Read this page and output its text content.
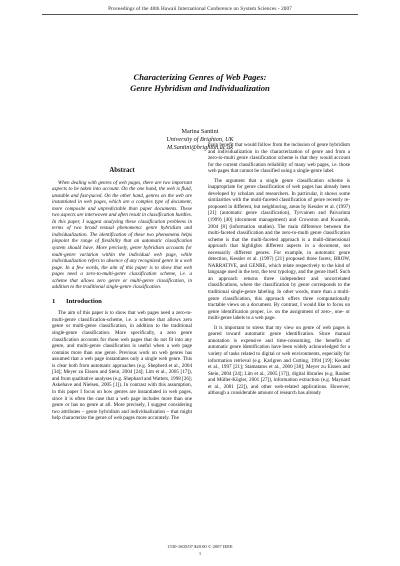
Proceedings of the 40th Hawaii International Conference on System Sciences - 2007
Characterizing Genres of Web Pages:
Genre Hybridism and Individualization
Marina Santini
University of Brighton, UK
M.Santini@brighton.ac.uk
Abstract

When dealing with genres of web pages, there are two important aspects to be taken into account. On the one hand, the web is fluid, unstable and fast-paced. On the other hand, genres on the web are instantiated in web pages, which are a complex type of document, more composite and unpredictable than paper documents. These two aspects are interwoven and often result in classification hurdles. In this paper, I suggest analyzing these classification problems in terms of two broad textual phenomena: genre hybridism and individualization. The identification of these two phenomena helps pinpoint the range of flexibility that an automatic classification system should have. More precisely, genre hybridism accounts for multi-genre variation within the individual web page, while individualization refers to absence of any recognized genre in a web page. In a few words, the aim of this paper is to show that web pages need a zero-to-multi-genre classification scheme, i.e. a scheme that allows zero genre or multi-genre classification, in addition to the traditional single-genre classification.

1 Introduction

The aim of this paper is to show that web pages need a zero-to-multi-genre classification-scheme, i.e. a scheme that allows zero genre or multi-genre classification, in addition to the traditional single-genre classification. More specifically, a zero genre classification accounts for those web pages that do not fit into any genre, and multi-genre classification is useful when a web page contains more than one genre. Previous work on web genres has assumed that a web page instantiates only a single web genre. This is clear both from automatic approaches (e.g. Shepherd et al., 2004 [34]; Meyer zu Eissen and Stein, 2004 [24]; Lim et al., 2005 [17]), and from qualitative analyses (e.g. Shephard and Watters, 1998 [36]; Askehave and Nielsen, 2005 [1]). In contrast with this assumption, in this paper I focus on how genres are instantiated in web pages, since it is often the case that a web page includes more than one genre or has no genre at all. More precisely, I suggest considering two attributes – genre hybridism and individualization – that might help characterize the genre of web pages more accurately. The

main benefit that would follow from the inclusion of genre hybridism and individualization in the characterization of genre and from a zero-to-multi genre classification scheme is that they would account for the current classification reliability of many web pages, i.e. those web pages that cannot be classified using a single-genre label.

The argument that a single genre classification scheme is inappropriate for genre classification of web pages has already been developed by scholars and researchers. In particular, it shows some similarities with the multi-faceted classification of genre recently re-proposed in different, but neighboring, areas by Kessler et al. (1997) [21] (automatic genre classification), Tyrvainen and Paivarinta (1999) [40] (document management) and Crowston and Kwasnik, 2004 [8] (information studies). The main difference between the multi-faceted classification and the zero-to-multi genre classification scheme is that the multi-faceted approach is a multi-dimensional approach that highlights different aspects in a document, not necessarily different genres. For example, in automatic genre detection, Kessler et al. (1997) [21] proposed three facets, BROW, NARRATIVE, and GENRE, which relate respectively to the kind of language used in the text, the text typology, and the genre itself. Such an approach returns three independent and uncorrelated classifications, where the classification by genre corresponds to the traditional single-genre labeling. In other words, more than a multi-genre classification, this approach offers three computationally tractable views on a document. By contrast, I would like to focus on genre identification proper, i.e. on the assignment of zero-, one- or multi-genre labels to a web page.

It is important to stress that my view on genre of web pages is geared toward automatic genre identification. Since manual annotation is expensive and time-consuming, the benefits of automatic genre identification have been widely acknowledged for a variety of tasks related to digital or web environments, especially for information retrieval (e.g. Karlgren and Cutting, 1994 [19]; Kessler et al., 1997 [21]; Stamatatos et al., 2000 [38]; Meyer zu Eissen and Stein, 2004 [24]; Lim et al., 2005 [17]), digital libraries (e.g. Rauber and Müller-Kögler, 2001 [27]), information extraction (e.g. Maynard et al., 2001 [22]), and other web-related applications. However, although a considerable amount of research has already

1530-1605/07 $20.00 © 2007 IEEE
1
